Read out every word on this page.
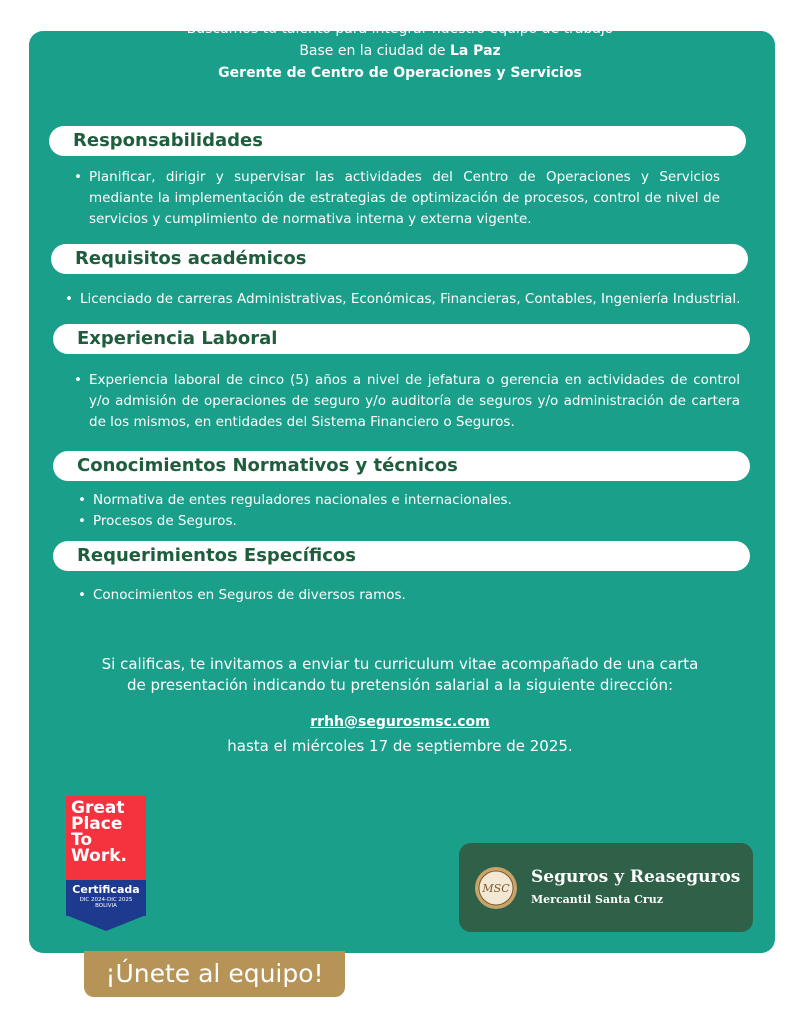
Buscamos tu talento para integrar nuestro equipo de trabajo
Base en la ciudad de La Paz
Gerente de Centro de Operaciones y Servicios
Responsabilidades
• Planificar, dirigir y supervisar las actividades del Centro de Operaciones y Servicios mediante la implementación de estrategias de optimización de procesos, control de nivel de servicios y cumplimiento de normativa interna y externa vigente.
Requisitos académicos
• Licenciado de carreras Administrativas, Económicas, Financieras, Contables, Ingeniería Industrial.
Experiencia Laboral
• Experiencia laboral de cinco (5) años a nivel de jefatura o gerencia en actividades de control y/o admisión de operaciones de seguro y/o auditoría de seguros y/o administración de cartera de los mismos, en entidades del Sistema Financiero o Seguros.
Conocimientos Normativos y técnicos
• Normativa de entes reguladores nacionales e internacionales.
• Procesos de Seguros.
Requerimientos Específicos
• Conocimientos en Seguros de diversos ramos.
Si calificas, te invitamos a enviar tu curriculum vitae acompañado de una carta
de presentación indicando tu pretensión salarial a la siguiente dirección:
rrhh@segurosmsc.com
hasta el miércoles 17 de septiembre de 2025.
Great
Place
To
Work.
Certificada
DIC 2024-DIC 2025
BOLIVIA
MSC
Seguros y Reaseguros
Mercantil Santa Cruz
¡Únete al equipo!
